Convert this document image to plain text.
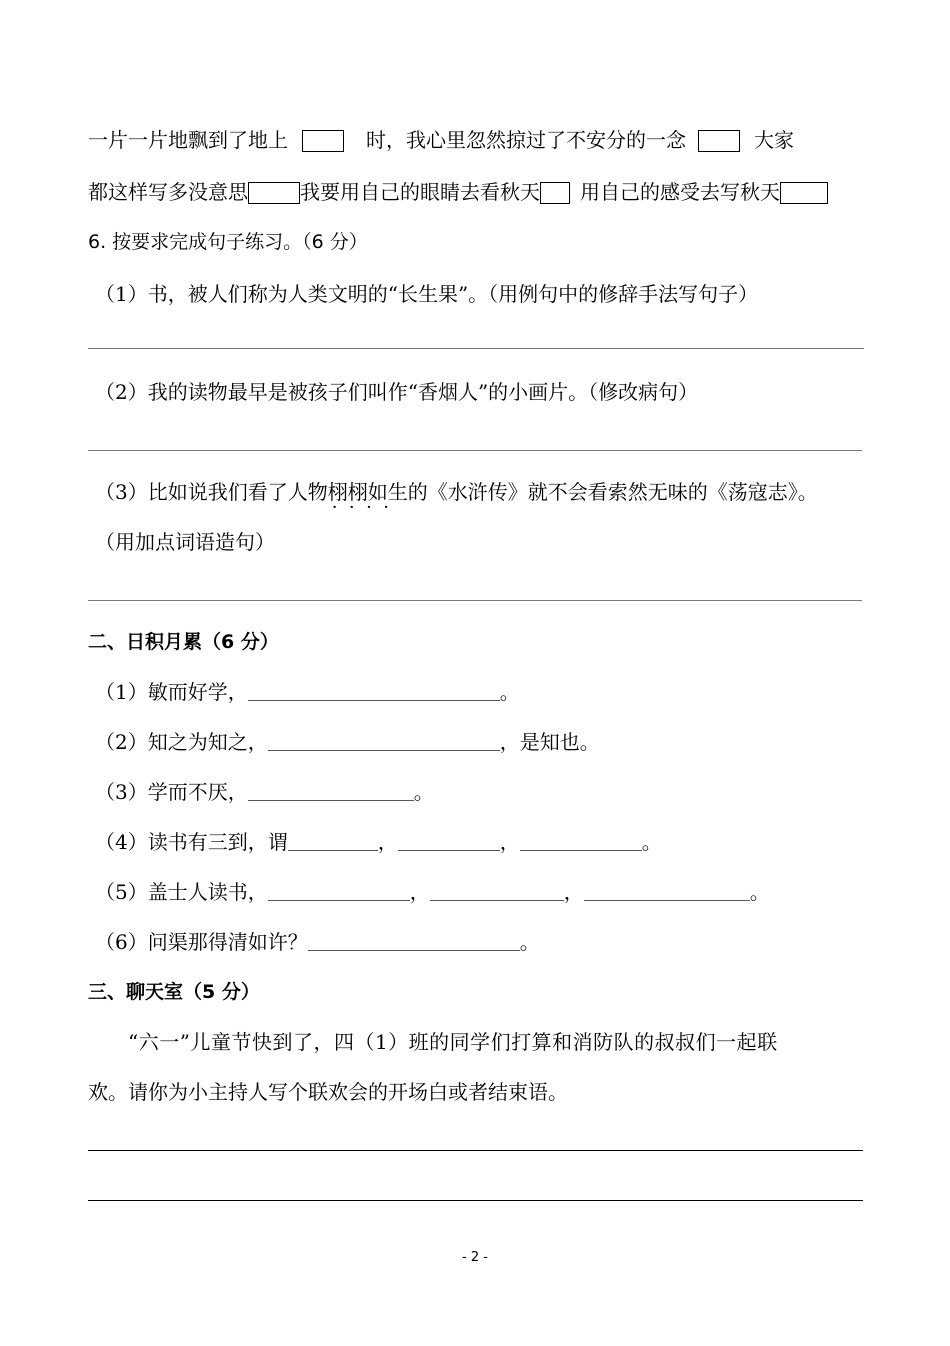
一片一片地飘到了地上	时，我心里忽然掠过了不安分的一念	大家
都这样写多没意思	我要用自己的眼睛去看秋天 用自己的感受去写秋天
6. 按要求完成句子练习。（6 分）
（1）书，被人们称为人类文明的“长生果”。（用例句中的修辞手法写句子）
（2）我的读物最早是被孩子们叫作“香烟人”的小画片。（修改病句）
（3）比如说我们看了人物栩栩如生 · ·的《水浒传》就不会看索然无味的《荡寇志》。
（用加点词语造句）
二、日积月累（6 分）
（1）敏而好学，	。
（2）知之为知之，	，是知也。
（3）学而不厌，	。
（4）读书有三到，谓	，	，	。
（5）盖士人读书，	，	，	。
（6）问渠那得清如许？	。
三、聊天室（5 分）
“六一”儿童节快到了，四（1）班的同学们打算和消防队的叔叔们一起联
欢。请你为小主持人写个联欢会的开场白或者结束语。
- 2 -
